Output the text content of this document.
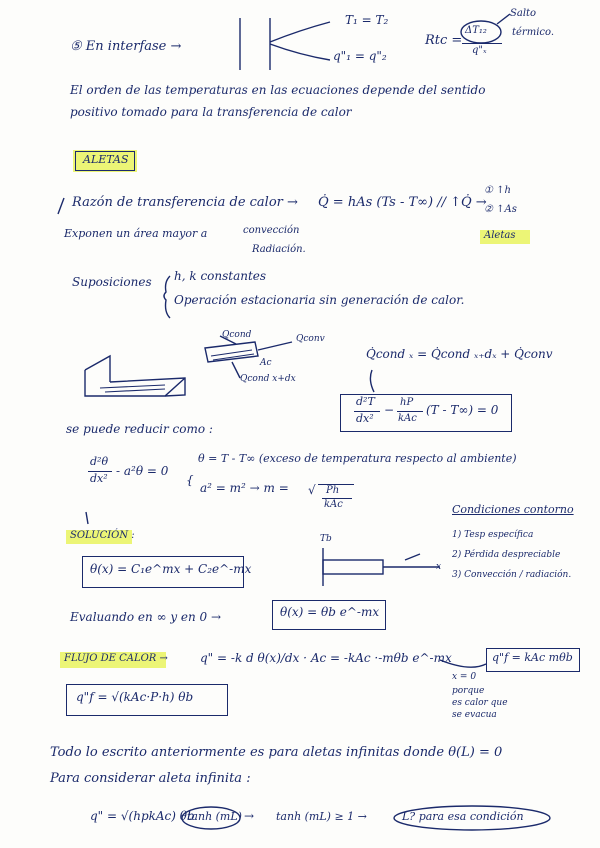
⑤ En interfase →
T₁ = T₂
q"₁ = q"₂
Rtc =
ΔT₁₂
q"ₓ
Salto
térmico.
El orden de las temperaturas en las ecuaciones depende del sentido
positivo tomado para la transferencia de calor
ALETAS
Razón de transferencia de calor → Q̇ = hAs (Ts - T∞) // ↑Q̇ →
① ↑h
② ↑As
Aletas
Exponen un área mayor a	convección
Radiación.
Suposiciones h, k constantes
Operación estacionaria sin generación de calor.
Qcond	Qconv
Ac
Qcond x+dx
Q̇cond ₓ = Q̇cond ₓ₊dₓ + Q̇conv
d²T
dx²
−
hP
kAc
(T - T∞) = 0
se puede reducir como :
d²θ
dx²
- a²θ = 0
{
θ = T - T∞ (exceso de temperatura respecto al ambiente)
a² = m² → m = √ Ph
kAc	Condiciones contorno
1) Tesp específica
2) Pérdida despreciable
3) Convección / radiación.
SOLUCIÓN :
θ(x) = C₁e^mx + C₂e^-mx
Tb
x
Evaluando en ∞ y en 0 →	θ(x) = θb e^-mx
FLUJO DE CALOR →	q" = -k d θ(x)/dx · Ac = -kAc ·-mθb e^-mx
x = 0
q"f = kAc mθb
porque
es calor que
se evacua
q"f = √(kAc·P·h) θb
Todo lo escrito anteriormente es para aletas infinitas donde θ(L) = 0
Para considerar aleta infinita :
q" = √(hpkAc) θb
tanh (mL) → tanh (mL) ≥ 1 →	L? para esa condición
